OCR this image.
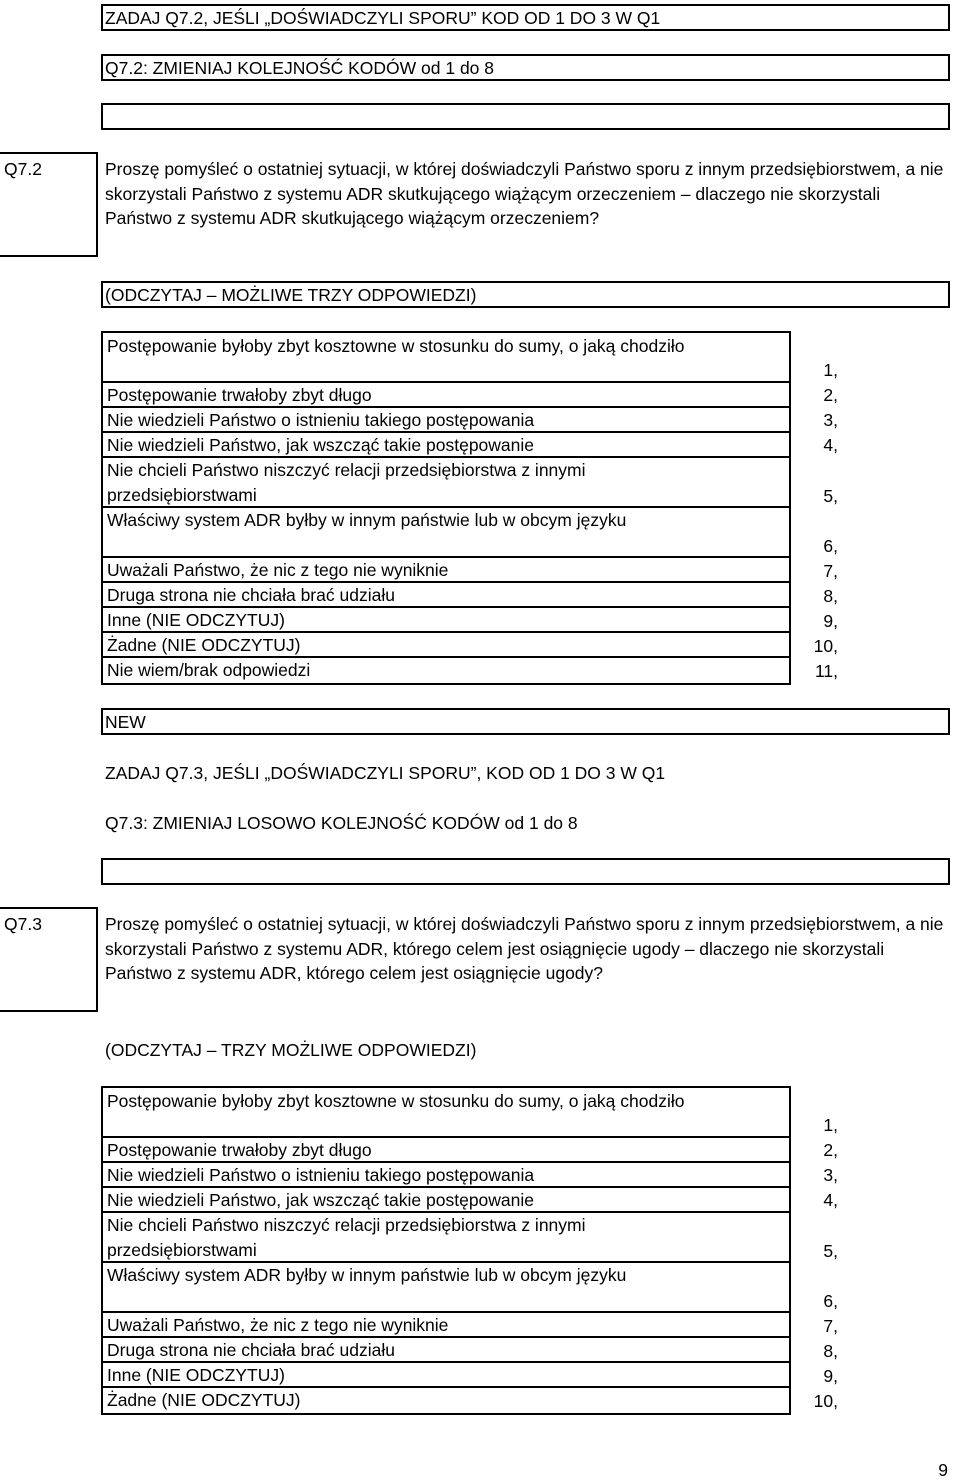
ZADAJ Q7.2, JEŚLI „DOŚWIADCZYLI SPORU” KOD OD 1 DO 3 W Q1
Q7.2: ZMIENIAJ KOLEJNOŚĆ KODÓW od 1 do 8
Q7.2	Proszę pomyśleć o ostatniej sytuacji, w której doświadczyli Państwo sporu z innym przedsiębiorstwem, a nie skorzystali Państwo z systemu ADR skutkującego wiążącym orzeczeniem – dlaczego nie skorzystali Państwo z systemu ADR skutkującego wiążącym orzeczeniem?
(ODCZYTAJ – MOŻLIWE TRZY ODPOWIEDZI)
Postępowanie byłoby zbyt kosztowne w stosunku do sumy, o jaką chodziło
Postępowanie trwałoby zbyt długo
Nie wiedzieli Państwo o istnieniu takiego postępowania
Nie wiedzieli Państwo, jak wszcząć takie postępowanie
Nie chcieli Państwo niszczyć relacji przedsiębiorstwa z innymi przedsiębiorstwami
Właściwy system ADR byłby w innym państwie lub w obcym języku
Uważali Państwo, że nic z tego nie wyniknie
Druga strona nie chciała brać udziału
Inne (NIE ODCZYTUJ)
Żadne (NIE ODCZYTUJ)
Nie wiem/brak odpowiedzi
1,
2,
3,
4,
5,
6,
7,
8,
9,
10,
11,
NEW
ZADAJ Q7.3, JEŚLI „DOŚWIADCZYLI SPORU”, KOD OD 1 DO 3 W Q1
Q7.3: ZMIENIAJ LOSOWO KOLEJNOŚĆ KODÓW od 1 do 8
Q7.3	Proszę pomyśleć o ostatniej sytuacji, w której doświadczyli Państwo sporu z innym przedsiębiorstwem, a nie skorzystali Państwo z systemu ADR, którego celem jest osiągnięcie ugody – dlaczego nie skorzystali Państwo z systemu ADR, którego celem jest osiągnięcie ugody?
(ODCZYTAJ – TRZY MOŻLIWE ODPOWIEDZI)
Postępowanie byłoby zbyt kosztowne w stosunku do sumy, o jaką chodziło
Postępowanie trwałoby zbyt długo
Nie wiedzieli Państwo o istnieniu takiego postępowania
Nie wiedzieli Państwo, jak wszcząć takie postępowanie
Nie chcieli Państwo niszczyć relacji przedsiębiorstwa z innymi przedsiębiorstwami
Właściwy system ADR byłby w innym państwie lub w obcym języku
Uważali Państwo, że nic z tego nie wyniknie
Druga strona nie chciała brać udziału
Inne (NIE ODCZYTUJ)
Żadne (NIE ODCZYTUJ)
1,
2,
3,
4,
5,
6,
7,
8,
9,
10,
9
